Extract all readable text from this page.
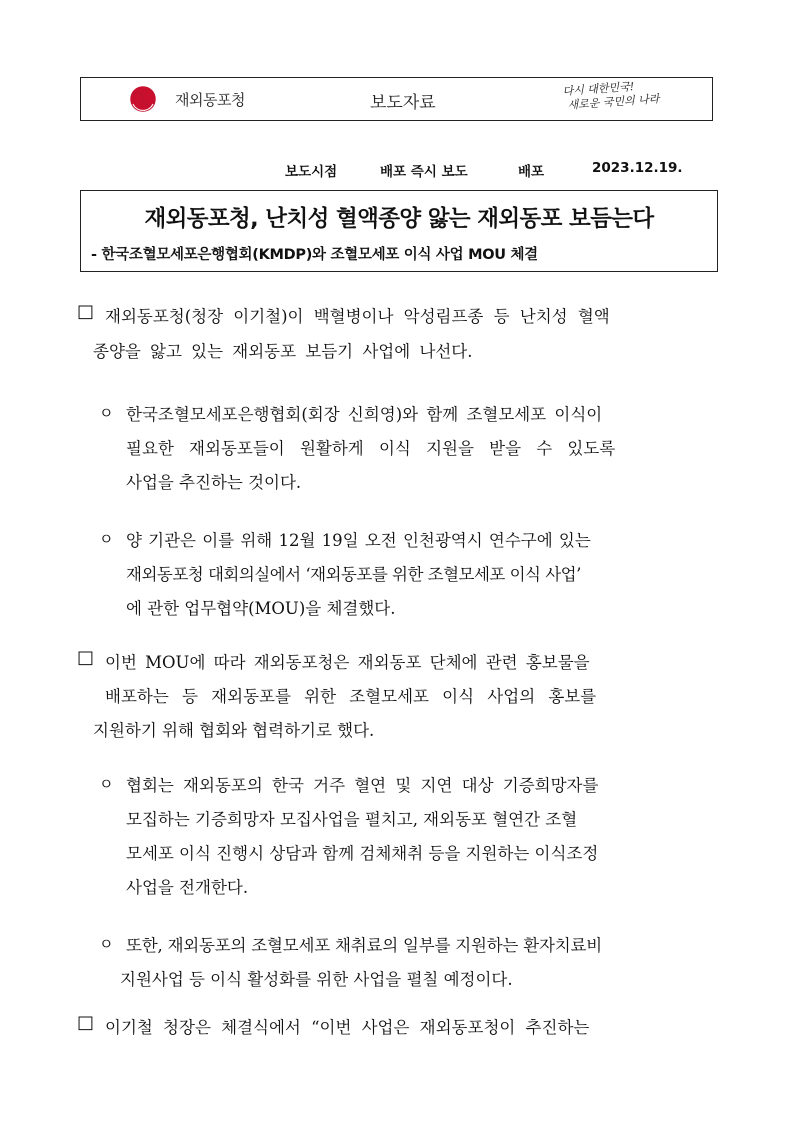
재외동포청	보도자료
다시 대한민국!
새로운 국민의 나라
보도시점	배포 즉시 보도	배포	2023.12.19.
재외동포청, 난치성 혈액종양 앓는 재외동포 보듬는다
- 한국조혈모세포은행협회(KMDP)와 조혈모세포 이식 사업 MOU 체결
□ 재외동포청(청장 이기철)이 백혈병이나 악성림프종 등 난치성 혈액
종양을 앓고 있는 재외동포 보듬기 사업에 나선다.
ㅇ 한국조혈모세포은행협회(회장 신희영)와 함께 조혈모세포 이식이
필요한 재외동포들이 원활하게 이식 지원을 받을 수 있도록
사업을 추진하는 것이다.
ㅇ 양 기관은 이를 위해 12월 19일 오전 인천광역시 연수구에 있는
재외동포청 대회의실에서 ‘재외동포를 위한 조혈모세포 이식 사업’
에 관한 업무협약(MOU)을 체결했다.
□ 이번 MOU에 따라 재외동포청은 재외동포 단체에 관련 홍보물을
배포하는 등 재외동포를 위한 조혈모세포 이식 사업의 홍보를
지원하기 위해 협회와 협력하기로 했다.
ㅇ 협회는 재외동포의 한국 거주 혈연 및 지연 대상 기증희망자를
모집하는 기증희망자 모집사업을 펼치고, 재외동포 혈연간 조혈
모세포 이식 진행시 상담과 함께 검체채취 등을 지원하는 이식조정
사업을 전개한다.
ㅇ 또한, 재외동포의 조혈모세포 채취료의 일부를 지원하는 환자치료비
지원사업 등 이식 활성화를 위한 사업을 펼칠 예정이다.
□ 이기철 청장은 체결식에서 “이번 사업은 재외동포청이 추진하는
